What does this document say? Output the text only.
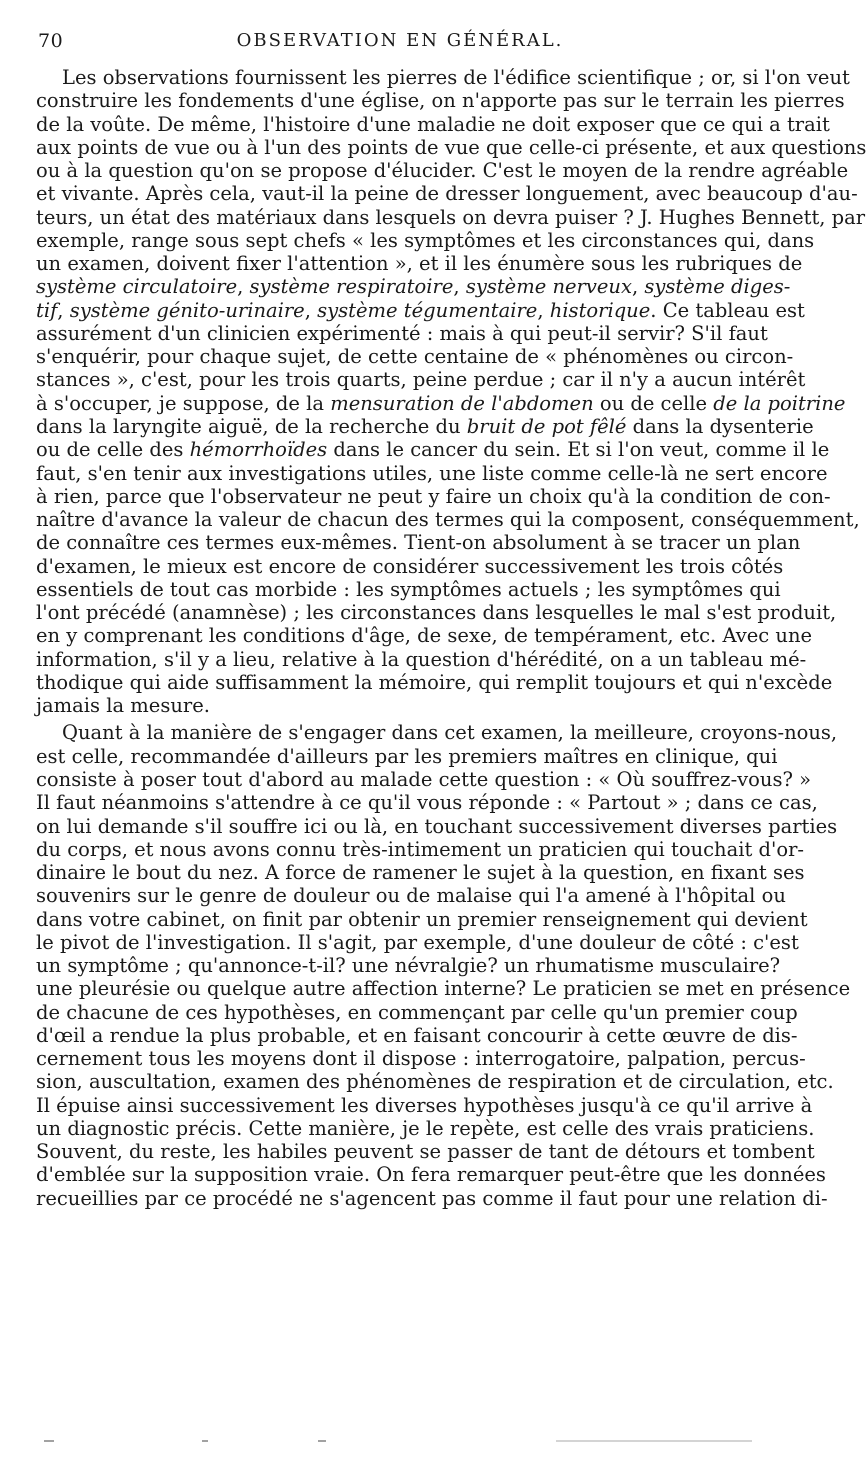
70	OBSERVATION EN GÉNÉRAL.
Les observations fournissent les pierres de l'édifice scientifique ; or, si l'on veut
construire les fondements d'une église, on n'apporte pas sur le terrain les pierres
de la voûte. De même, l'histoire d'une maladie ne doit exposer que ce qui a trait
aux points de vue ou à l'un des points de vue que celle-ci présente, et aux questions
ou à la question qu'on se propose d'élucider. C'est le moyen de la rendre agréable
et vivante. Après cela, vaut-il la peine de dresser longuement, avec beaucoup d'au-
teurs, un état des matériaux dans lesquels on devra puiser ? J. Hughes Bennett, par
exemple, range sous sept chefs « les symptômes et les circonstances qui, dans
un examen, doivent fixer l'attention », et il les énumère sous les rubriques de
système circulatoire, système respiratoire, système nerveux, système diges-
tif, système génito-urinaire, système tégumentaire, historique. Ce tableau est
assurément d'un clinicien expérimenté : mais à qui peut-il servir? S'il faut
s'enquérir, pour chaque sujet, de cette centaine de « phénomènes ou circon-
stances », c'est, pour les trois quarts, peine perdue ; car il n'y a aucun intérêt
à s'occuper, je suppose, de la mensuration de l'abdomen ou de celle de la poitrine
dans la laryngite aiguë, de la recherche du bruit de pot fêlé dans la dysenterie
ou de celle des hémorrhoïdes dans le cancer du sein. Et si l'on veut, comme il le
faut, s'en tenir aux investigations utiles, une liste comme celle-là ne sert encore
à rien, parce que l'observateur ne peut y faire un choix qu'à la condition de con-
naître d'avance la valeur de chacun des termes qui la composent, conséquemment,
de connaître ces termes eux-mêmes. Tient-on absolument à se tracer un plan
d'examen, le mieux est encore de considérer successivement les trois côtés
essentiels de tout cas morbide : les symptômes actuels ; les symptômes qui
l'ont précédé (anamnèse) ; les circonstances dans lesquelles le mal s'est produit,
en y comprenant les conditions d'âge, de sexe, de tempérament, etc. Avec une
information, s'il y a lieu, relative à la question d'hérédité, on a un tableau mé-
thodique qui aide suffisamment la mémoire, qui remplit toujours et qui n'excède
jamais la mesure.
Quant à la manière de s'engager dans cet examen, la meilleure, croyons-nous,
est celle, recommandée d'ailleurs par les premiers maîtres en clinique, qui
consiste à poser tout d'abord au malade cette question : « Où souffrez-vous? »
Il faut néanmoins s'attendre à ce qu'il vous réponde : « Partout » ; dans ce cas,
on lui demande s'il souffre ici ou là, en touchant successivement diverses parties
du corps, et nous avons connu très-intimement un praticien qui touchait d'or-
dinaire le bout du nez. A force de ramener le sujet à la question, en fixant ses
souvenirs sur le genre de douleur ou de malaise qui l'a amené à l'hôpital ou
dans votre cabinet, on finit par obtenir un premier renseignement qui devient
le pivot de l'investigation. Il s'agit, par exemple, d'une douleur de côté : c'est
un symptôme ; qu'annonce-t-il? une névralgie? un rhumatisme musculaire?
une pleurésie ou quelque autre affection interne? Le praticien se met en présence
de chacune de ces hypothèses, en commençant par celle qu'un premier coup
d'œil a rendue la plus probable, et en faisant concourir à cette œuvre de dis-
cernement tous les moyens dont il dispose : interrogatoire, palpation, percus-
sion, auscultation, examen des phénomènes de respiration et de circulation, etc.
Il épuise ainsi successivement les diverses hypothèses jusqu'à ce qu'il arrive à
un diagnostic précis. Cette manière, je le repète, est celle des vrais praticiens.
Souvent, du reste, les habiles peuvent se passer de tant de détours et tombent
d'emblée sur la supposition vraie. On fera remarquer peut-être que les données
recueillies par ce procédé ne s'agencent pas comme il faut pour une relation di-
